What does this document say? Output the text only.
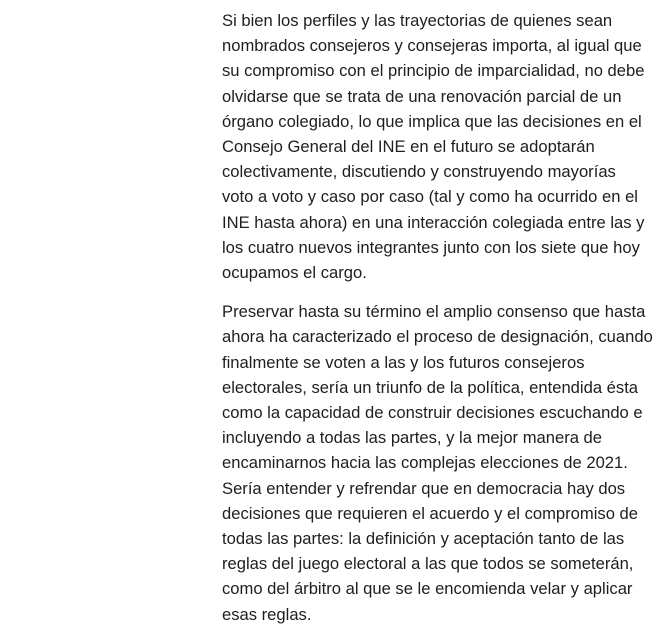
Si bien los perfiles y las trayectorias de quienes sean
nombrados consejeros y consejeras importa, al igual que
su compromiso con el principio de imparcialidad, no debe
olvidarse que se trata de una renovación parcial de un
órgano colegiado, lo que implica que las decisiones en el
Consejo General del INE en el futuro se adoptarán
colectivamente, discutiendo y construyendo mayorías
voto a voto y caso por caso (tal y como ha ocurrido en el
INE hasta ahora) en una interacción colegiada entre las y
los cuatro nuevos integrantes junto con los siete que hoy
ocupamos el cargo.

Preservar hasta su término el amplio consenso que hasta
ahora ha caracterizado el proceso de designación, cuando
finalmente se voten a las y los futuros consejeros
electorales, sería un triunfo de la política, entendida ésta
como la capacidad de construir decisiones escuchando e
incluyendo a todas las partes, y la mejor manera de
encaminarnos hacia las complejas elecciones de 2021.
Sería entender y refrendar que en democracia hay dos
decisiones que requieren el acuerdo y el compromiso de
todas las partes: la definición y aceptación tanto de las
reglas del juego electoral a las que todos se someterán,
como del árbitro al que se le encomienda velar y aplicar
esas reglas.
